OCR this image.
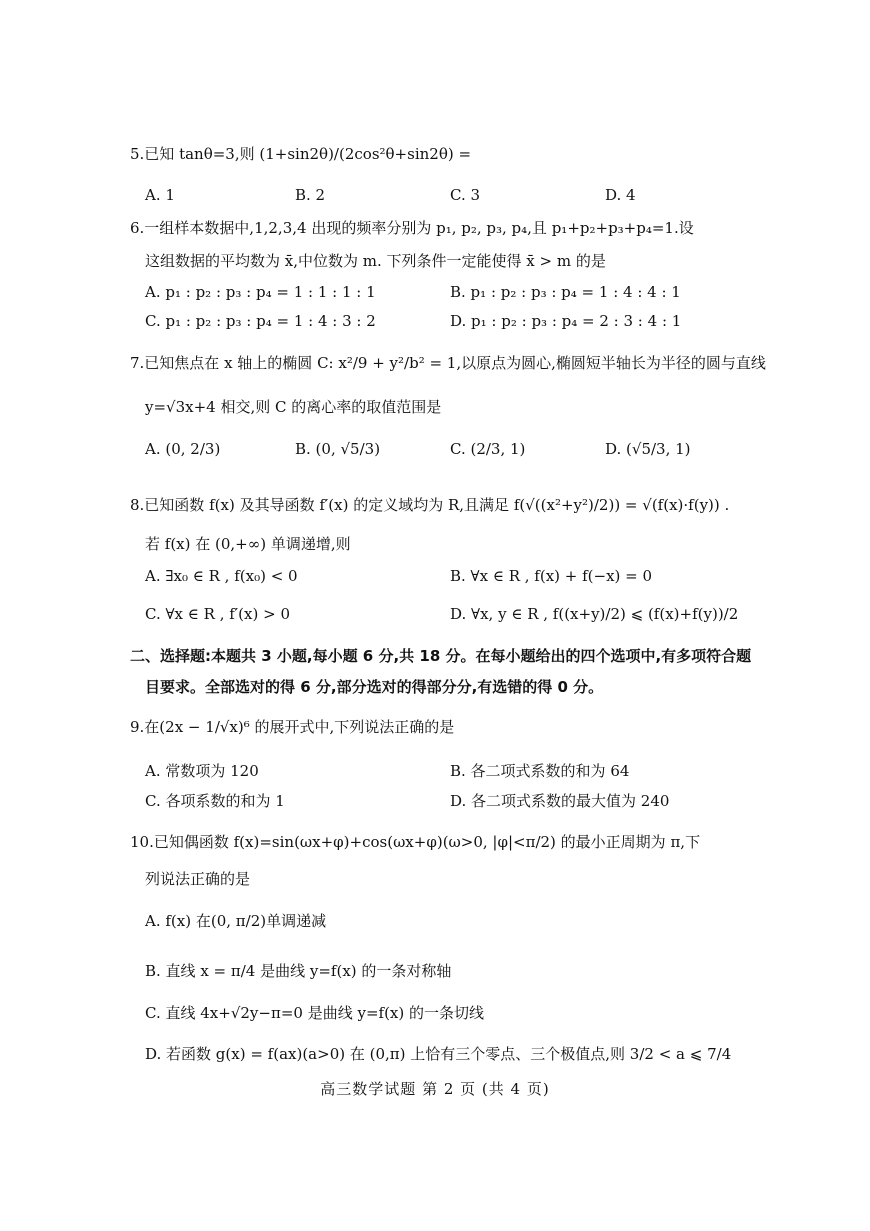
5.已知 tanθ=3,则 (1+sin2θ)/(2cos²θ+sin2θ) =
A. 1	B. 2	C. 3	D. 4
6.一组样本数据中,1,2,3,4 出现的频率分别为 p₁, p₂, p₃, p₄,且 p₁+p₂+p₃+p₄=1.设
这组数据的平均数为 x̄,中位数为 m. 下列条件一定能使得 x̄ > m 的是
A. p₁ : p₂ : p₃ : p₄ = 1 : 1 : 1 : 1	B. p₁ : p₂ : p₃ : p₄ = 1 : 4 : 4 : 1
C. p₁ : p₂ : p₃ : p₄ = 1 : 4 : 3 : 2	D. p₁ : p₂ : p₃ : p₄ = 2 : 3 : 4 : 1
7.已知焦点在 x 轴上的椭圆 C: x²/9 + y²/b² = 1,以原点为圆心,椭圆短半轴长为半径的圆与直线
y=√3x+4 相交,则 C 的离心率的取值范围是
A. (0, 2/3)	B. (0, √5/3)	C. (2/3, 1)	D. (√5/3, 1)
8.已知函数 f(x) 及其导函数 f′(x) 的定义域均为 R,且满足 f(√((x²+y²)/2)) = √(f(x)·f(y)) .
若 f(x) 在 (0,+∞) 单调递增,则
A. ∃x₀ ∈ R , f(x₀) < 0	B. ∀x ∈ R , f(x) + f(−x) = 0
C. ∀x ∈ R , f′(x) > 0	D. ∀x, y ∈ R , f((x+y)/2) ⩽ (f(x)+f(y))/2
二、选择题:本题共 3 小题,每小题 6 分,共 18 分。在每小题给出的四个选项中,有多项符合题
目要求。全部选对的得 6 分,部分选对的得部分分,有选错的得 0 分。
9.在(2x − 1/√x)⁶ 的展开式中,下列说法正确的是
A. 常数项为 120	B. 各二项式系数的和为 64
C. 各项系数的和为 1	D. 各二项式系数的最大值为 240
10.已知偶函数 f(x)=sin(ωx+φ)+cos(ωx+φ)(ω>0, |φ|<π/2) 的最小正周期为 π,下
列说法正确的是
A. f(x) 在(0, π/2)单调递减
B. 直线 x = π/4 是曲线 y=f(x) 的一条对称轴
C. 直线 4x+√2y−π=0 是曲线 y=f(x) 的一条切线
D. 若函数 g(x) = f(ax)(a>0) 在 (0,π) 上恰有三个零点、三个极值点,则 3/2 < a ⩽ 7/4
高三数学试题 第 2 页 (共 4 页)
